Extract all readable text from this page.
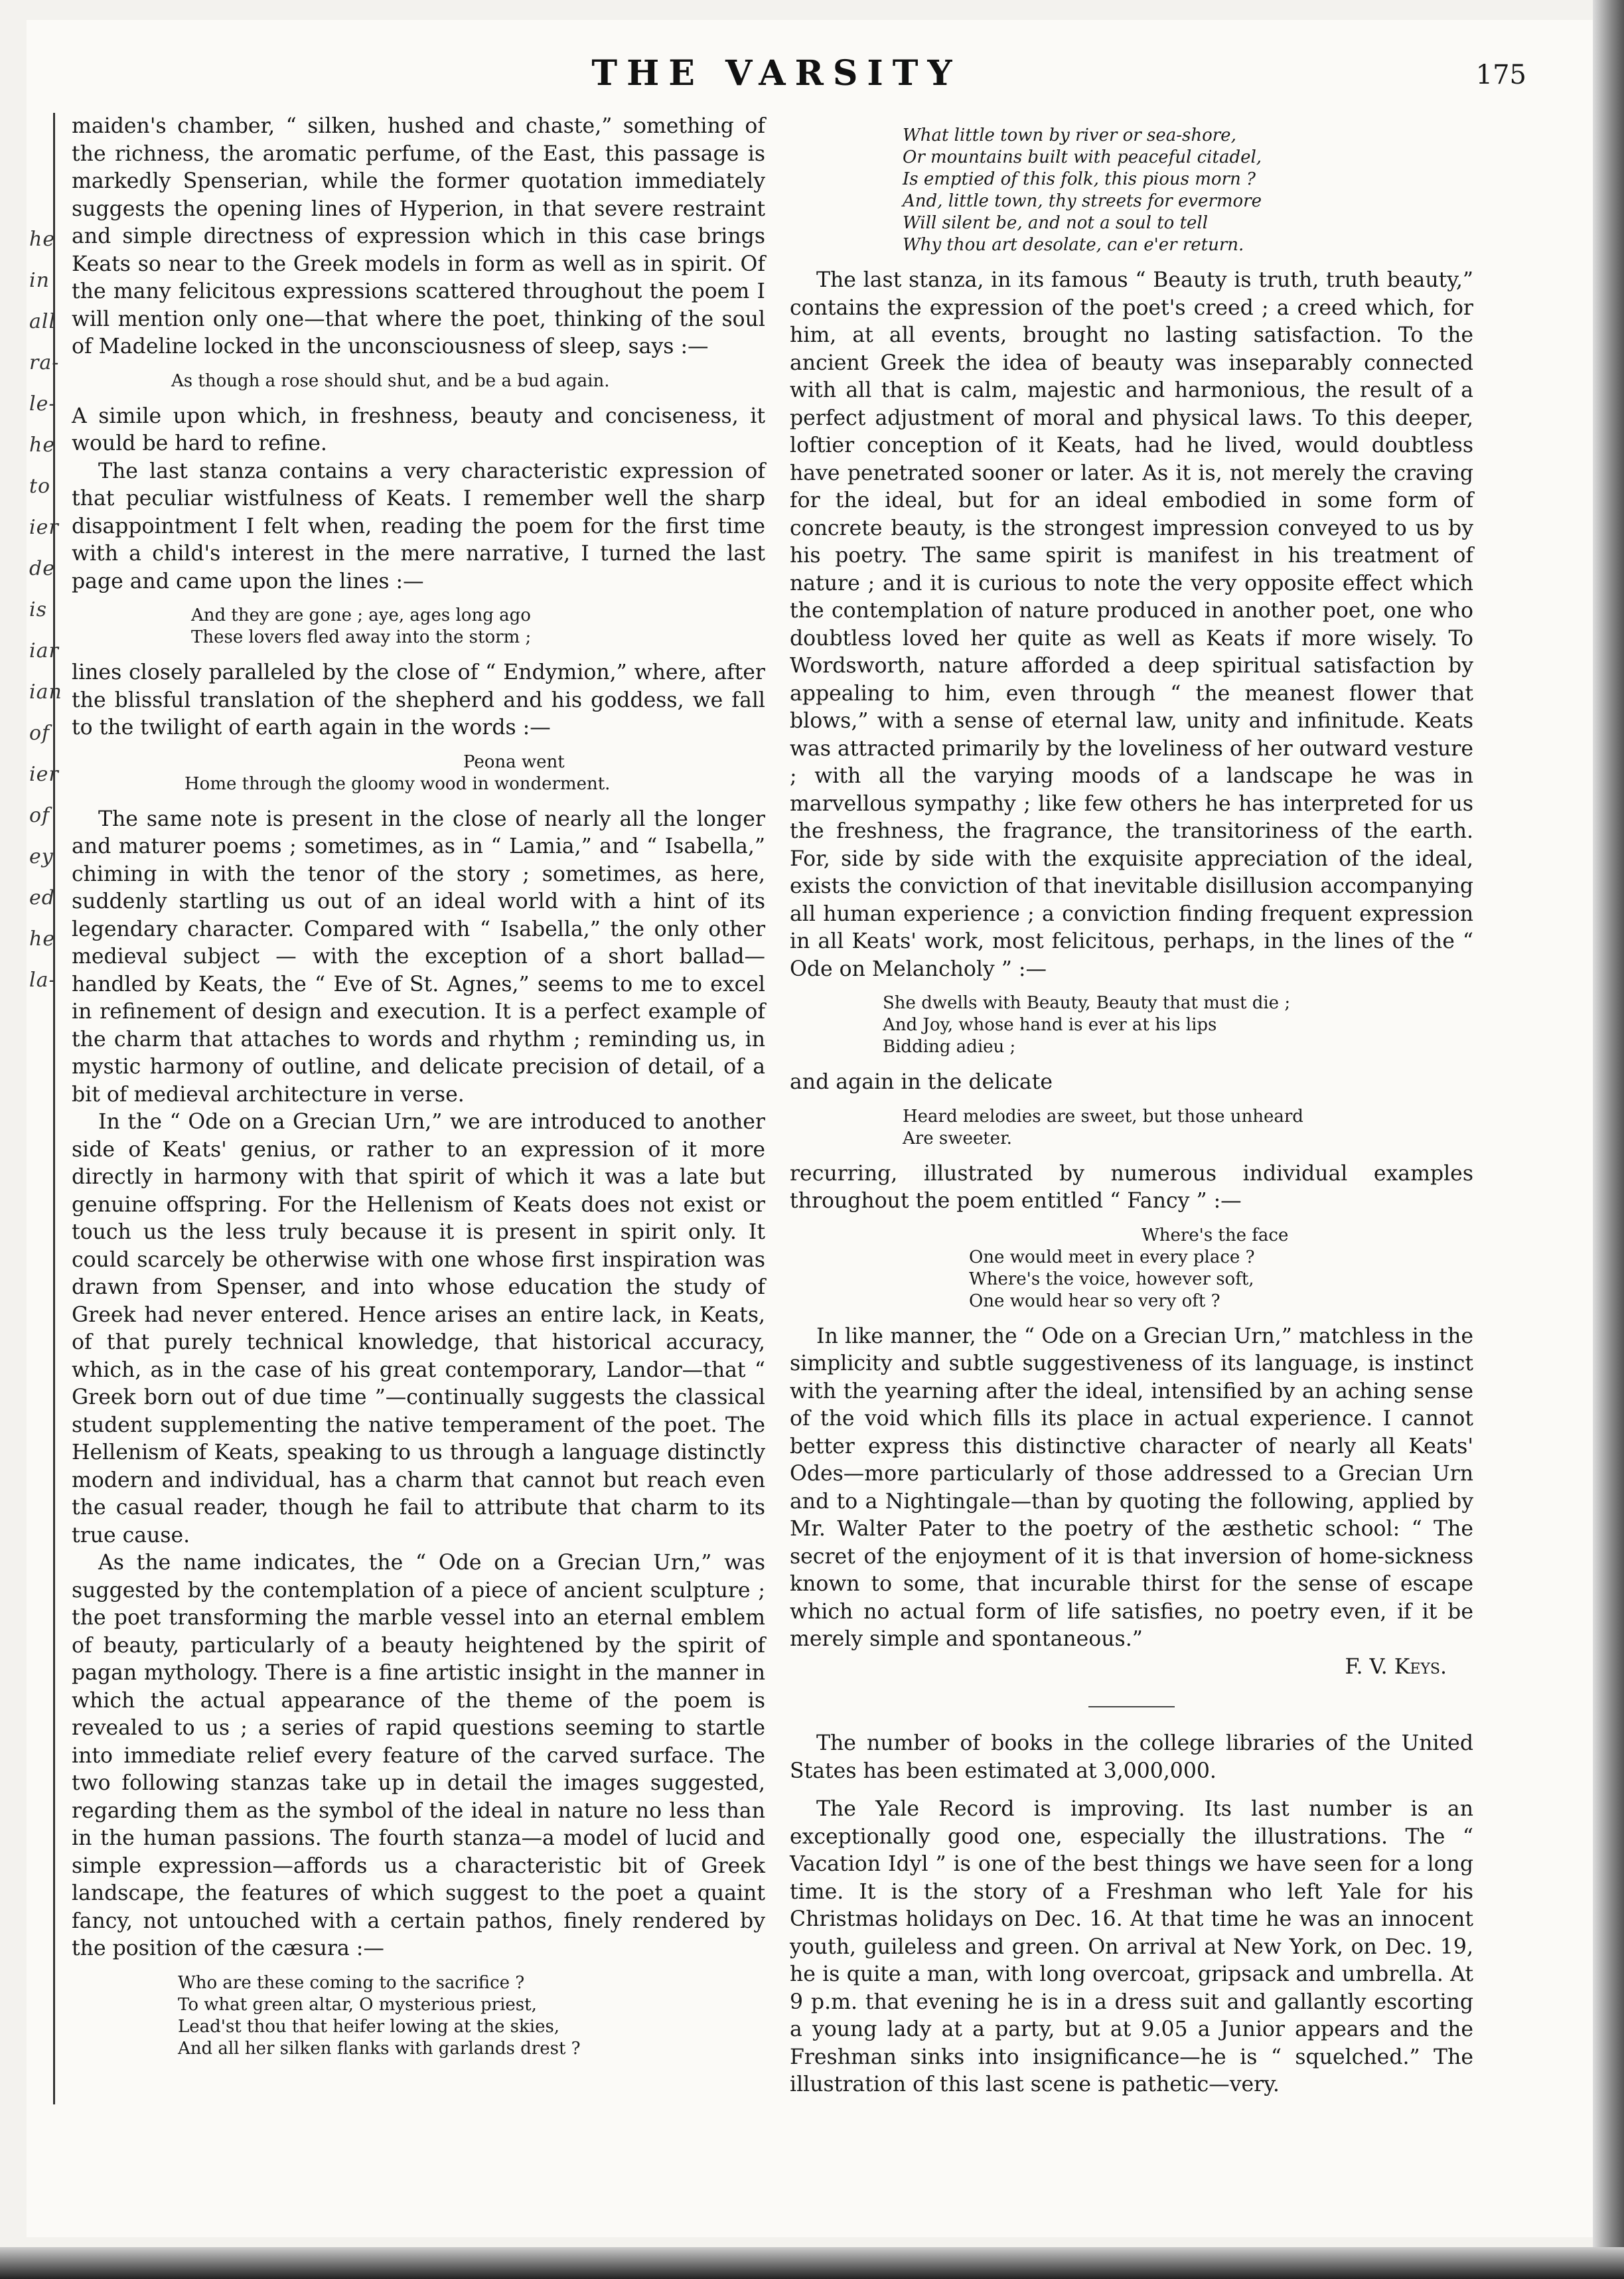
he in all ra- le- he to ier de is iar ian of ier of ey ed he la-
THE VARSITY	175

maiden's chamber, “ silken, hushed and chaste,” something of the richness, the aromatic perfume, of the East, this passage is markedly Spenserian, while the former quotation immediately suggests the opening lines of Hyperion, in that severe restraint and simple directness of expression which in this case brings Keats so near to the Greek models in form as well as in spirit. Of the many felicitous expressions scattered throughout the poem I will mention only one—that where the poet, thinking of the soul of Madeline locked in the unconsciousness of sleep, says :—

As though a rose should shut, and be a bud again.

A simile upon which, in freshness, beauty and conciseness, it would be hard to refine.

The last stanza contains a very characteristic expression of that peculiar wistfulness of Keats. I remember well the sharp disappointment I felt when, reading the poem for the first time with a child's interest in the mere narrative, I turned the last page and came upon the lines :—

And they are gone ; aye, ages long ago
These lovers fled away into the storm ;

lines closely paralleled by the close of “ Endymion,” where, after the blissful translation of the shepherd and his goddess, we fall to the twilight of earth again in the words :—

Peona went
Home through the gloomy wood in wonderment.

The same note is present in the close of nearly all the longer and maturer poems ; sometimes, as in “ Lamia,” and “ Isabella,” chiming in with the tenor of the story ; sometimes, as here, suddenly startling us out of an ideal world with a hint of its legendary character. Compared with “ Isabella,” the only other medieval subject — with the exception of a short ballad—handled by Keats, the “ Eve of St. Agnes,” seems to me to excel in refinement of design and execution. It is a perfect example of the charm that attaches to words and rhythm ; reminding us, in mystic harmony of outline, and delicate precision of detail, of a bit of medieval architecture in verse.

In the “ Ode on a Grecian Urn,” we are introduced to another side of Keats' genius, or rather to an expression of it more directly in harmony with that spirit of which it was a late but genuine offspring. For the Hellenism of Keats does not exist or touch us the less truly because it is present in spirit only. It could scarcely be otherwise with one whose first inspiration was drawn from Spenser, and into whose education the study of Greek had never entered. Hence arises an entire lack, in Keats, of that purely technical knowledge, that historical accuracy, which, as in the case of his great contemporary, Landor—that “ Greek born out of due time ”—continually suggests the classical student supplementing the native temperament of the poet. The Hellenism of Keats, speaking to us through a language distinctly modern and individual, has a charm that cannot but reach even the casual reader, though he fail to attribute that charm to its true cause.

As the name indicates, the “ Ode on a Grecian Urn,” was suggested by the contemplation of a piece of ancient sculpture ; the poet transforming the marble vessel into an eternal emblem of beauty, particularly of a beauty heightened by the spirit of pagan mythology. There is a fine artistic insight in the manner in which the actual appearance of the theme of the poem is revealed to us ; a series of rapid questions seeming to startle into immediate relief every feature of the carved surface. The two following stanzas take up in detail the images suggested, regarding them as the symbol of the ideal in nature no less than in the human passions. The fourth stanza—a model of lucid and simple expression—affords us a characteristic bit of Greek landscape, the features of which suggest to the poet a quaint fancy, not untouched with a certain pathos, finely rendered by the position of the cæsura :—

Who are these coming to the sacrifice ?
To what green altar, O mysterious priest,
Lead'st thou that heifer lowing at the skies,
And all her silken flanks with garlands drest ?
What little town by river or sea-shore,
Or mountains built with peaceful citadel,
Is emptied of this folk, this pious morn ?
And, little town, thy streets for evermore
Will silent be, and not a soul to tell
Why thou art desolate, can e'er return.

The last stanza, in its famous “ Beauty is truth, truth beauty,” contains the expression of the poet's creed ; a creed which, for him, at all events, brought no lasting satisfaction. To the ancient Greek the idea of beauty was inseparably connected with all that is calm, majestic and harmonious, the result of a perfect adjustment of moral and physical laws. To this deeper, loftier conception of it Keats, had he lived, would doubtless have penetrated sooner or later. As it is, not merely the craving for the ideal, but for an ideal embodied in some form of concrete beauty, is the strongest impression conveyed to us by his poetry. The same spirit is manifest in his treatment of nature ; and it is curious to note the very opposite effect which the contemplation of nature produced in another poet, one who doubtless loved her quite as well as Keats if more wisely. To Wordsworth, nature afforded a deep spiritual satisfaction by appealing to him, even through “ the meanest flower that blows,” with a sense of eternal law, unity and infinitude. Keats was attracted primarily by the loveliness of her outward vesture ; with all the varying moods of a landscape he was in marvellous sympathy ; like few others he has interpreted for us the freshness, the fragrance, the transitoriness of the earth. For, side by side with the exquisite appreciation of the ideal, exists the conviction of that inevitable disillusion accompanying all human experience ; a conviction finding frequent expression in all Keats' work, most felicitous, perhaps, in the lines of the “ Ode on Melancholy ” :—

She dwells with Beauty, Beauty that must die ;
And Joy, whose hand is ever at his lips
Bidding adieu ;

and again in the delicate

Heard melodies are sweet, but those unheard
Are sweeter.

recurring, illustrated by numerous individual examples throughout the poem entitled “ Fancy ” :—

Where's the face
One would meet in every place ?
Where's the voice, however soft,
One would hear so very oft ?

In like manner, the “ Ode on a Grecian Urn,” matchless in the simplicity and subtle suggestiveness of its language, is instinct with the yearning after the ideal, intensified by an aching sense of the void which fills its place in actual experience. I cannot better express this distinctive character of nearly all Keats' Odes—more particularly of those addressed to a Grecian Urn and to a Nightingale—than by quoting the following, applied by Mr. Walter Pater to the poetry of the æsthetic school: “ The secret of the enjoyment of it is that inversion of home-sickness known to some, that incurable thirst for the sense of escape which no actual form of life satisfies, no poetry even, if it be merely simple and spontaneous.”

F. V. Keys.

The number of books in the college libraries of the United States has been estimated at 3,000,000.

The Yale Record is improving. Its last number is an exceptionally good one, especially the illustrations. The “ Vacation Idyl ” is one of the best things we have seen for a long time. It is the story of a Freshman who left Yale for his Christmas holidays on Dec. 16. At that time he was an innocent youth, guileless and green. On arrival at New York, on Dec. 19, he is quite a man, with long overcoat, gripsack and umbrella. At 9 p.m. that evening he is in a dress suit and gallantly escorting a young lady at a party, but at 9.05 a Junior appears and the Freshman sinks into insignificance—he is “ squelched.” The illustration of this last scene is pathetic—very.
